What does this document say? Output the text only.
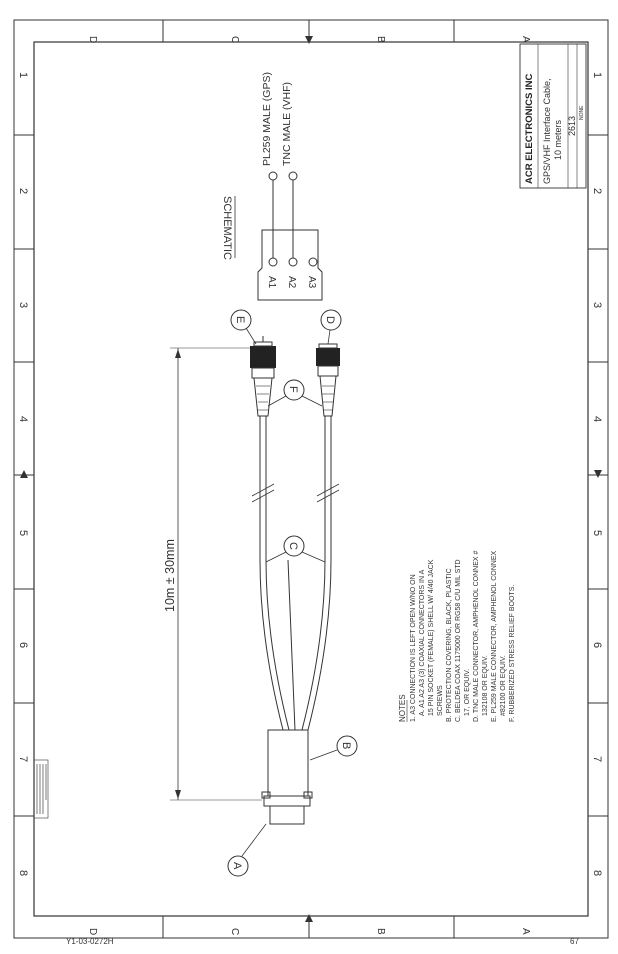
D	C	B	A
D	C	B	A
1
2
3
4
5
6
7
8
1
2
3
4
5
6
7
8
SCHEMATIC
A1 A2 A3
PL259 MALE (GPS) TNC MALE (VHF)
E	D
F
C
B
A
10m ± 30mm
NOTES 1. A3 CONNECTION IS LEFT OPEN W/NO ON A. A1 A2 A3 (3) COAXIAL CONNECTORS IN A 15 PIN SOCKET (FEMALE) SHELL W/ 4/40 JACK SCREWS B. PROTECTION COVERING, BLACK, PLASTIC C. BELDEA COAX 1175000 OR RG58 C/U MIL STD 17, OR EQUIV. D. TNC MALE CONNECTOR, AMPHENOL CONNEX # 132108 OR EQUIV. E. PL259 MALE CONNECTOR, AMPHENOL CONNEX #82100 OR EQUIV. F. RUBBERIZED STRESS RELIEF BOOTS.
ACR ELECTRONICS INC GPS/VHF Interface Cable, 10 meters 2613
NONE
Y1-03-0272H	67
